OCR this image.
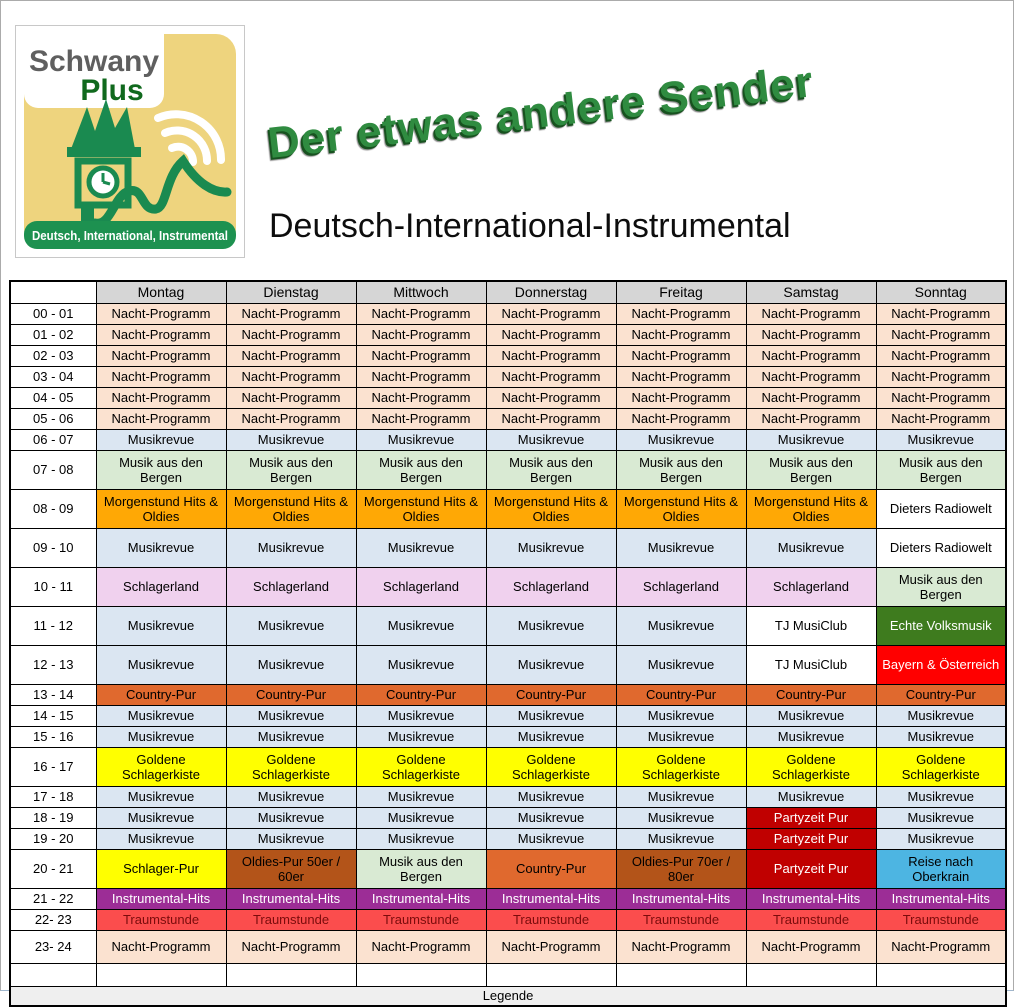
Schwany
Plus
Deutsch, International, Instrumental
Der etwas andere Sender
Deutsch-International-Instrumental
	Montag	Dienstag	Mittwoch	Donnerstag	Freitag	Samstag	Sonntag
00 - 01	Nacht-Programm	Nacht-Programm	Nacht-Programm	Nacht-Programm	Nacht-Programm	Nacht-Programm	Nacht-Programm
01 - 02	Nacht-Programm	Nacht-Programm	Nacht-Programm	Nacht-Programm	Nacht-Programm	Nacht-Programm	Nacht-Programm
02 - 03	Nacht-Programm	Nacht-Programm	Nacht-Programm	Nacht-Programm	Nacht-Programm	Nacht-Programm	Nacht-Programm
03 - 04	Nacht-Programm	Nacht-Programm	Nacht-Programm	Nacht-Programm	Nacht-Programm	Nacht-Programm	Nacht-Programm
04 - 05	Nacht-Programm	Nacht-Programm	Nacht-Programm	Nacht-Programm	Nacht-Programm	Nacht-Programm	Nacht-Programm
05 - 06	Nacht-Programm	Nacht-Programm	Nacht-Programm	Nacht-Programm	Nacht-Programm	Nacht-Programm	Nacht-Programm
06 - 07	Musikrevue	Musikrevue	Musikrevue	Musikrevue	Musikrevue	Musikrevue	Musikrevue
07 - 08	Musik aus den Bergen	Musik aus den Bergen	Musik aus den Bergen	Musik aus den Bergen	Musik aus den Bergen	Musik aus den Bergen	Musik aus den Bergen
08 - 09	Morgenstund Hits & Oldies	Morgenstund Hits & Oldies	Morgenstund Hits & Oldies	Morgenstund Hits & Oldies	Morgenstund Hits & Oldies	Morgenstund Hits & Oldies	Dieters Radiowelt
09 - 10	Musikrevue	Musikrevue	Musikrevue	Musikrevue	Musikrevue	Musikrevue	Dieters Radiowelt
10 - 11	Schlagerland	Schlagerland	Schlagerland	Schlagerland	Schlagerland	Schlagerland	Musik aus den Bergen
11 - 12	Musikrevue	Musikrevue	Musikrevue	Musikrevue	Musikrevue	TJ MusiClub	Echte Volksmusik
12 - 13	Musikrevue	Musikrevue	Musikrevue	Musikrevue	Musikrevue	TJ MusiClub	Bayern & Österreich
13 - 14	Country-Pur	Country-Pur	Country-Pur	Country-Pur	Country-Pur	Country-Pur	Country-Pur
14 - 15	Musikrevue	Musikrevue	Musikrevue	Musikrevue	Musikrevue	Musikrevue	Musikrevue
15 - 16	Musikrevue	Musikrevue	Musikrevue	Musikrevue	Musikrevue	Musikrevue	Musikrevue
16 - 17	Goldene Schlagerkiste	Goldene Schlagerkiste	Goldene Schlagerkiste	Goldene Schlagerkiste	Goldene Schlagerkiste	Goldene Schlagerkiste	Goldene Schlagerkiste
17 - 18	Musikrevue	Musikrevue	Musikrevue	Musikrevue	Musikrevue	Musikrevue	Musikrevue
18 - 19	Musikrevue	Musikrevue	Musikrevue	Musikrevue	Musikrevue	Partyzeit Pur	Musikrevue
19 - 20	Musikrevue	Musikrevue	Musikrevue	Musikrevue	Musikrevue	Partyzeit Pur	Musikrevue
20 - 21	Schlager-Pur	Oldies-Pur 50er / 60er	Musik aus den Bergen	Country-Pur	Oldies-Pur 70er / 80er	Partyzeit Pur	Reise nach Oberkrain
21 - 22	Instrumental-Hits	Instrumental-Hits	Instrumental-Hits	Instrumental-Hits	Instrumental-Hits	Instrumental-Hits	Instrumental-Hits
22- 23	Traumstunde	Traumstunde	Traumstunde	Traumstunde	Traumstunde	Traumstunde	Traumstunde
23- 24	Nacht-Programm	Nacht-Programm	Nacht-Programm	Nacht-Programm	Nacht-Programm	Nacht-Programm	Nacht-Programm

Legende							
